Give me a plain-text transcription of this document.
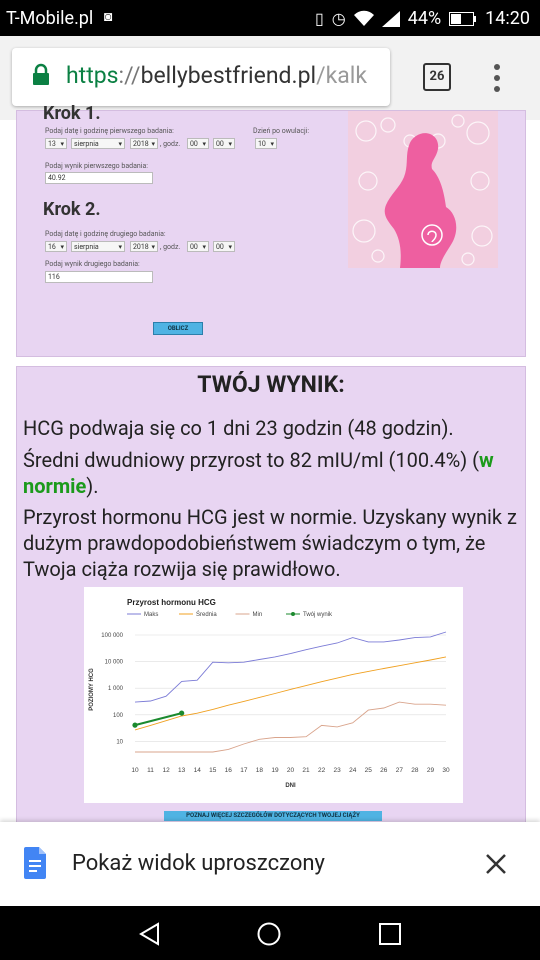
T-Mobile.pl ◙	▯ ◷	44% 14:20
https://bellybestfriend.pl/kalk	26
Krok 1.
Podaj datę i godzinę pierwszego badania:
13 ▾	sierpnia ▾	2018 ▾	, godz.	00 ▾	00 ▾
Dzień po owulacji:
10 ▾
Podaj wynik pierwszego badania:
40.92
Krok 2.
Podaj datę i godzinę drugiego badania:
16 ▾	sierpnia ▾	2018 ▾	, godz.	00 ▾	00 ▾
Podaj wynik drugiego badania:
116
OBLICZ
TWÓJ WYNIK:
HCG podwaja się co 1 dni 23 godzin (48 godzin).
Średni dwudniowy przyrost to 82 mIU/ml (100.4%) (w normie).
Przyrost hormonu HCG jest w normie. Uzyskany wynik z dużym prawdopodobieństwem świadczym o tym, że Twoja ciąża rozwija się prawidłowo.
Przyrost hormonu HCG
Maks	Średnia	Min	Twój wynik
10
100
1 000
10 000
100 000
10 11 12 13 14 15 16 17 18 19 20 21 22 23 24 25 26 27 28 29 30
DNI
POZIOMY HCG
POZNAJ WIĘCEJ SZCZEGÓŁÓW DOTYCZĄCYCH TWOJEJ CIĄŻY
Pokaż widok uproszczony
